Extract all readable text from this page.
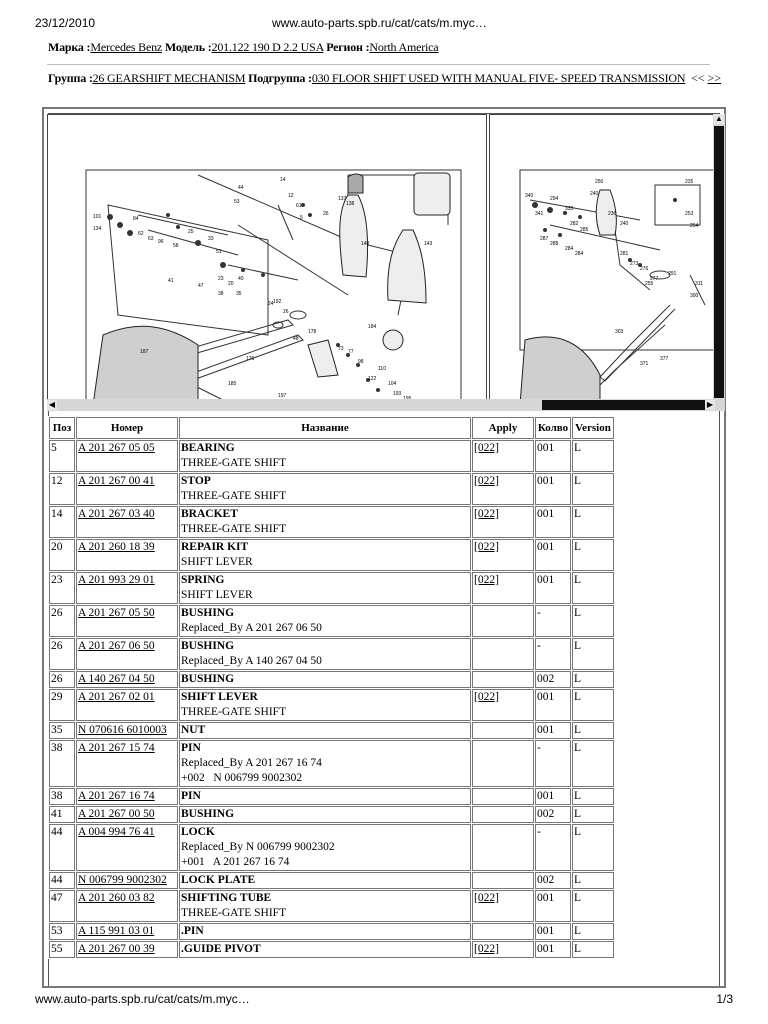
23/12/2010	www.auto-parts.spb.ru/cat/cats/m.myc…
Марка :Mercedes Benz Модель :201.122 190 D 2.2 USA Регион :North America
Группа :26 GEARSHIFT MECHANISM Подгруппа :030 FLOOR SHIFT USED WITH MANUAL FIVE- SPEED TRANSMISSION << >>
101
134
84
62
63 96
58
25
33
51
44
53
14
12
61
5
26
23
20
40
41
47
38 35
138
137
148	143
24
26
187
176
185
192
178
184
73 77
48
98
122
110
104
193
197
250
240
294
333
340
341
282
285
287
288
284
284
236
240
235
253
254
281
273
276
277
291
303
255	311
300
371
377
▲
◀	▶
Поз	Номер	Название	Apply	Колво	Version
5	A 201 267 05 05	BEARING
THREE-GATE SHIFT	[022]	001	L
12	A 201 267 00 41	STOP
THREE-GATE SHIFT	[022]	001	L
14	A 201 267 03 40	BRACKET
THREE-GATE SHIFT	[022]	001	L
20	A 201 260 18 39	REPAIR KIT
SHIFT LEVER	[022]	001	L
23	A 201 993 29 01	SPRING
SHIFT LEVER	[022]	001	L
26	A 201 267 05 50	BUSHING
Replaced_By A 201 267 06 50		-	L
26	A 201 267 06 50	BUSHING
Replaced_By A 140 267 04 50		-	L
26	A 140 267 04 50	BUSHING		002	L
29	A 201 267 02 01	SHIFT LEVER
THREE-GATE SHIFT	[022]	001	L
35	N 070616 6010003	NUT		001	L
38	A 201 267 15 74	PIN
Replaced_By A 201 267 16 74
+002   N 006799 9002302		-	L
38	A 201 267 16 74	PIN		001	L
41	A 201 267 00 50	BUSHING		002	L
44	A 004 994 76 41	LOCK
Replaced_By N 006799 9002302
+001   A 201 267 16 74		-	L
44	N 006799 9002302	LOCK PLATE		002	L
47	A 201 260 03 82	SHIFTING TUBE
THREE-GATE SHIFT	[022]	001	L
53	A 115 991 03 01	.PIN		001	L
55	A 201 267 00 39	.GUIDE PIVOT	[022]	001	L
www.auto-parts.spb.ru/cat/cats/m.myc…	1/3
